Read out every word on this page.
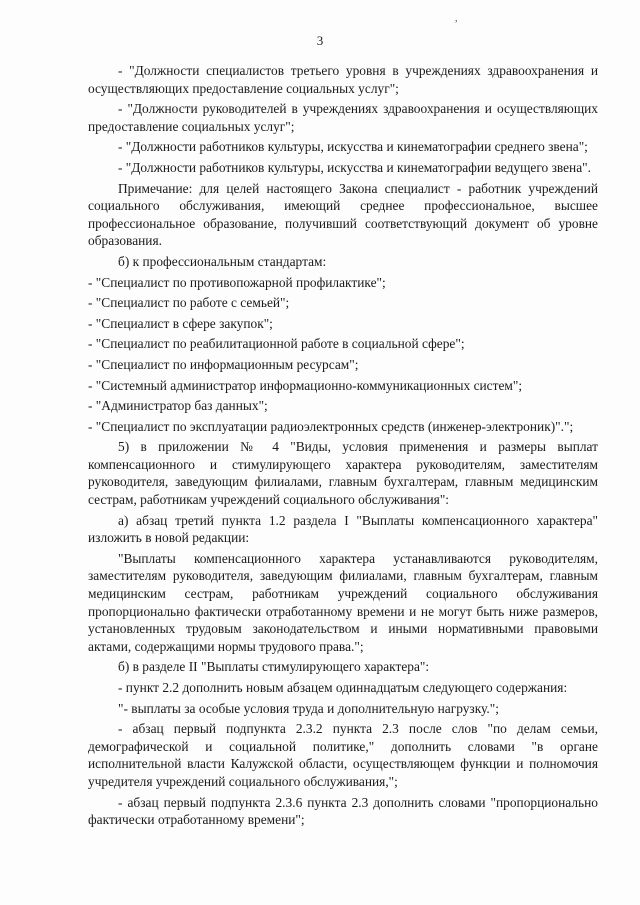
,
3

- "Должности специалистов третьего уровня в учреждениях здравоохранения и осуществляющих предоставление социальных услуг";

- "Должности руководителей в учреждениях здравоохранения и осуществляющих предоставление социальных услуг";

- "Должности работников культуры, искусства и кинематографии среднего звена";

- "Должности работников культуры, искусства и кинематографии ведущего звена".

Примечание: для целей настоящего Закона специалист - работник учреждений социального обслуживания, имеющий среднее профессиональное, высшее профессиональное образование, получивший соответствующий документ об уровне образования.

б) к профессиональным стандартам:

- "Специалист по противопожарной профилактике";

- "Специалист по работе с семьей";

- "Специалист в сфере закупок";

- "Специалист по реабилитационной работе в социальной сфере";

- "Специалист по информационным ресурсам";

- "Системный администратор информационно-коммуникационных систем";

- "Администратор баз данных";

- "Специалист по эксплуатации радиоэлектронных средств (инженер-электроник)".";

5) в приложении № 4 "Виды, условия применения и размеры выплат компенсационного и стимулирующего характера руководителям, заместителям руководителя, заведующим филиалами, главным бухгалтерам, главным медицинским сестрам, работникам учреждений социального обслуживания":

а) абзац третий пункта 1.2 раздела I "Выплаты компенсационного характера" изложить в новой редакции:

"Выплаты компенсационного характера устанавливаются руководителям, заместителям руководителя, заведующим филиалами, главным бухгалтерам, главным медицинским сестрам, работникам учреждений социального обслуживания пропорционально фактически отработанному времени и не могут быть ниже размеров, установленных трудовым законодательством и иными нормативными правовыми актами, содержащими нормы трудового права.";

б) в разделе II "Выплаты стимулирующего характера":

- пункт 2.2 дополнить новым абзацем одиннадцатым следующего содержания:

"- выплаты за особые условия труда и дополнительную нагрузку.";

- абзац первый подпункта 2.3.2 пункта 2.3 после слов "по делам семьи, демографической и социальной политике," дополнить словами "в органе исполнительной власти Калужской области, осуществляющем функции и полномочия учредителя учреждений социального обслуживания,";

- абзац первый подпункта 2.3.6 пункта 2.3 дополнить словами "пропорционально фактически отработанному времени";
